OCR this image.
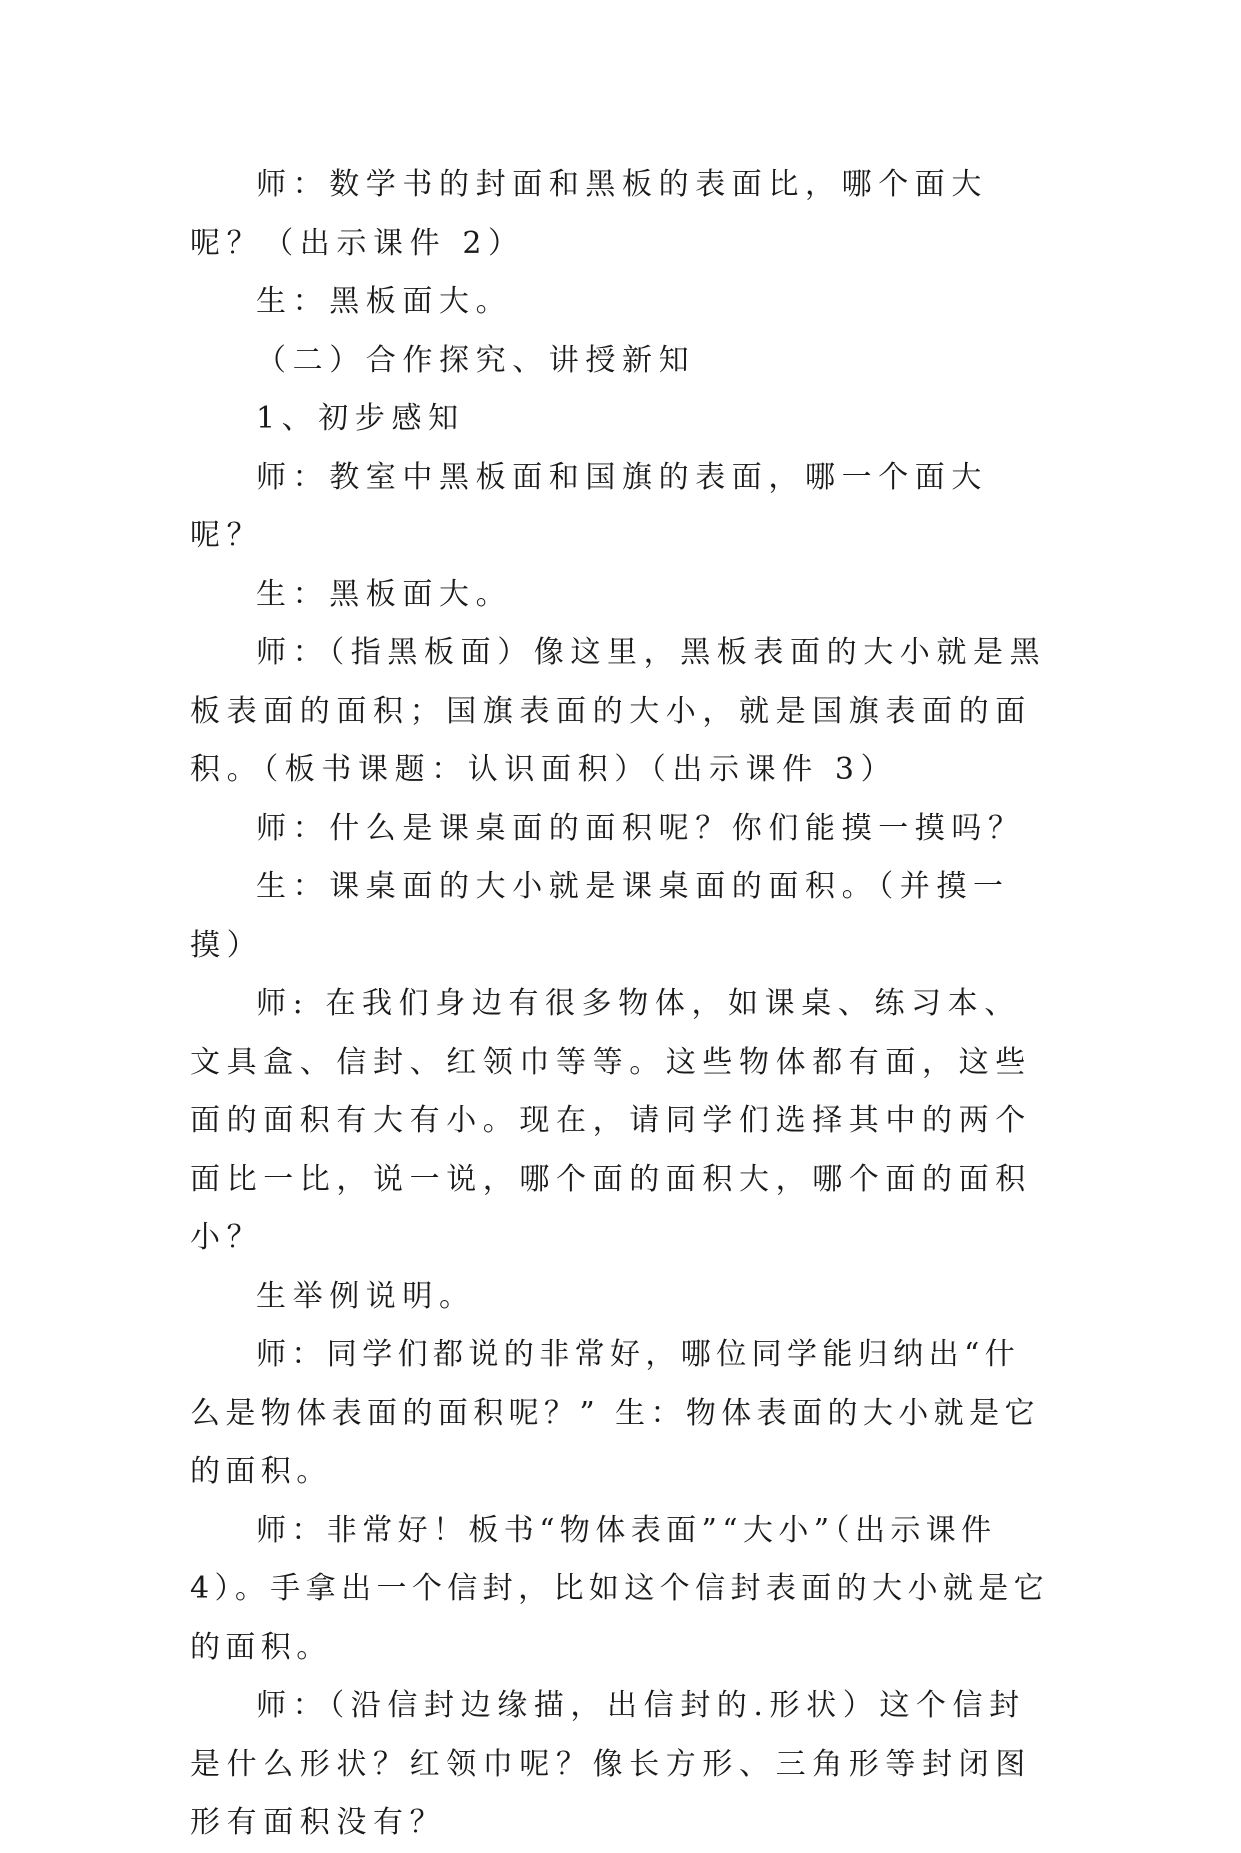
师：数学书的封面和黑板的表面比，哪个面大呢？（出示课件 2）

生：黑板面大。

（二）合作探究、讲授新知

1、初步感知

师：教室中黑板面和国旗的表面，哪一个面大呢？

生：黑板面大。

师：（指黑板面）像这里，黑板表面的大小就是黑板表面的面积；国旗表面的大小，就是国旗表面的面积。（板书课题：认识面积）（出示课件 3）

师：什么是课桌面的面积呢？你们能摸一摸吗？

生：课桌面的大小就是课桌面的面积。（并摸一摸）

师: 在我们身边有很多物体，如课桌、练习本、文具盒、信封、红领巾等等。这些物体都有面，这些面的面积有大有小。现在，请同学们选择其中的两个面比一比，说一说，哪个面的面积大，哪个面的面积小？

生举例说明。

师：同学们都说的非常好，哪位同学能归纳出“什么是物体表面的面积呢？” 生：物体表面的大小就是它的面积。

师：非常好！板书“物体表面”“大小”（出示课件 4）。手拿出一个信封，比如这个信封表面的大小就是它的面积。

师：（沿信封边缘描，出信封的.形状）这个信封是什么形状？红领巾呢？像长方形、三角形等封闭图形有面积没有？
